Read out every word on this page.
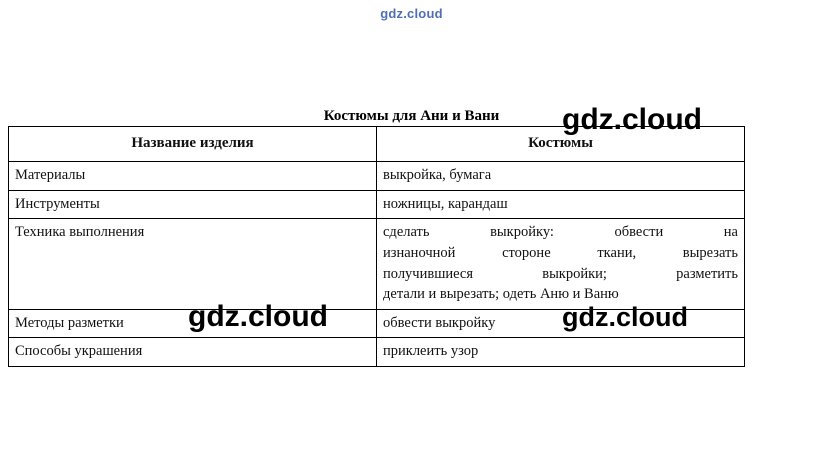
gdz.cloud
Костюмы для Ани и Вани
Название изделия	Костюмы
Материалы	выкройка, бумага
Инструменты	ножницы, карандаш
Техника выполнения	сделать выкройку: обвести на
изнаночной стороне ткани, вырезать
получившиеся выкройки; разметить
детали и вырезать; одеть Аню и Ваню

Методы разметки	обвести выкройку
Способы украшения	приклеить узор
gdz.cloud
gdz.cloud	gdz.cloud
